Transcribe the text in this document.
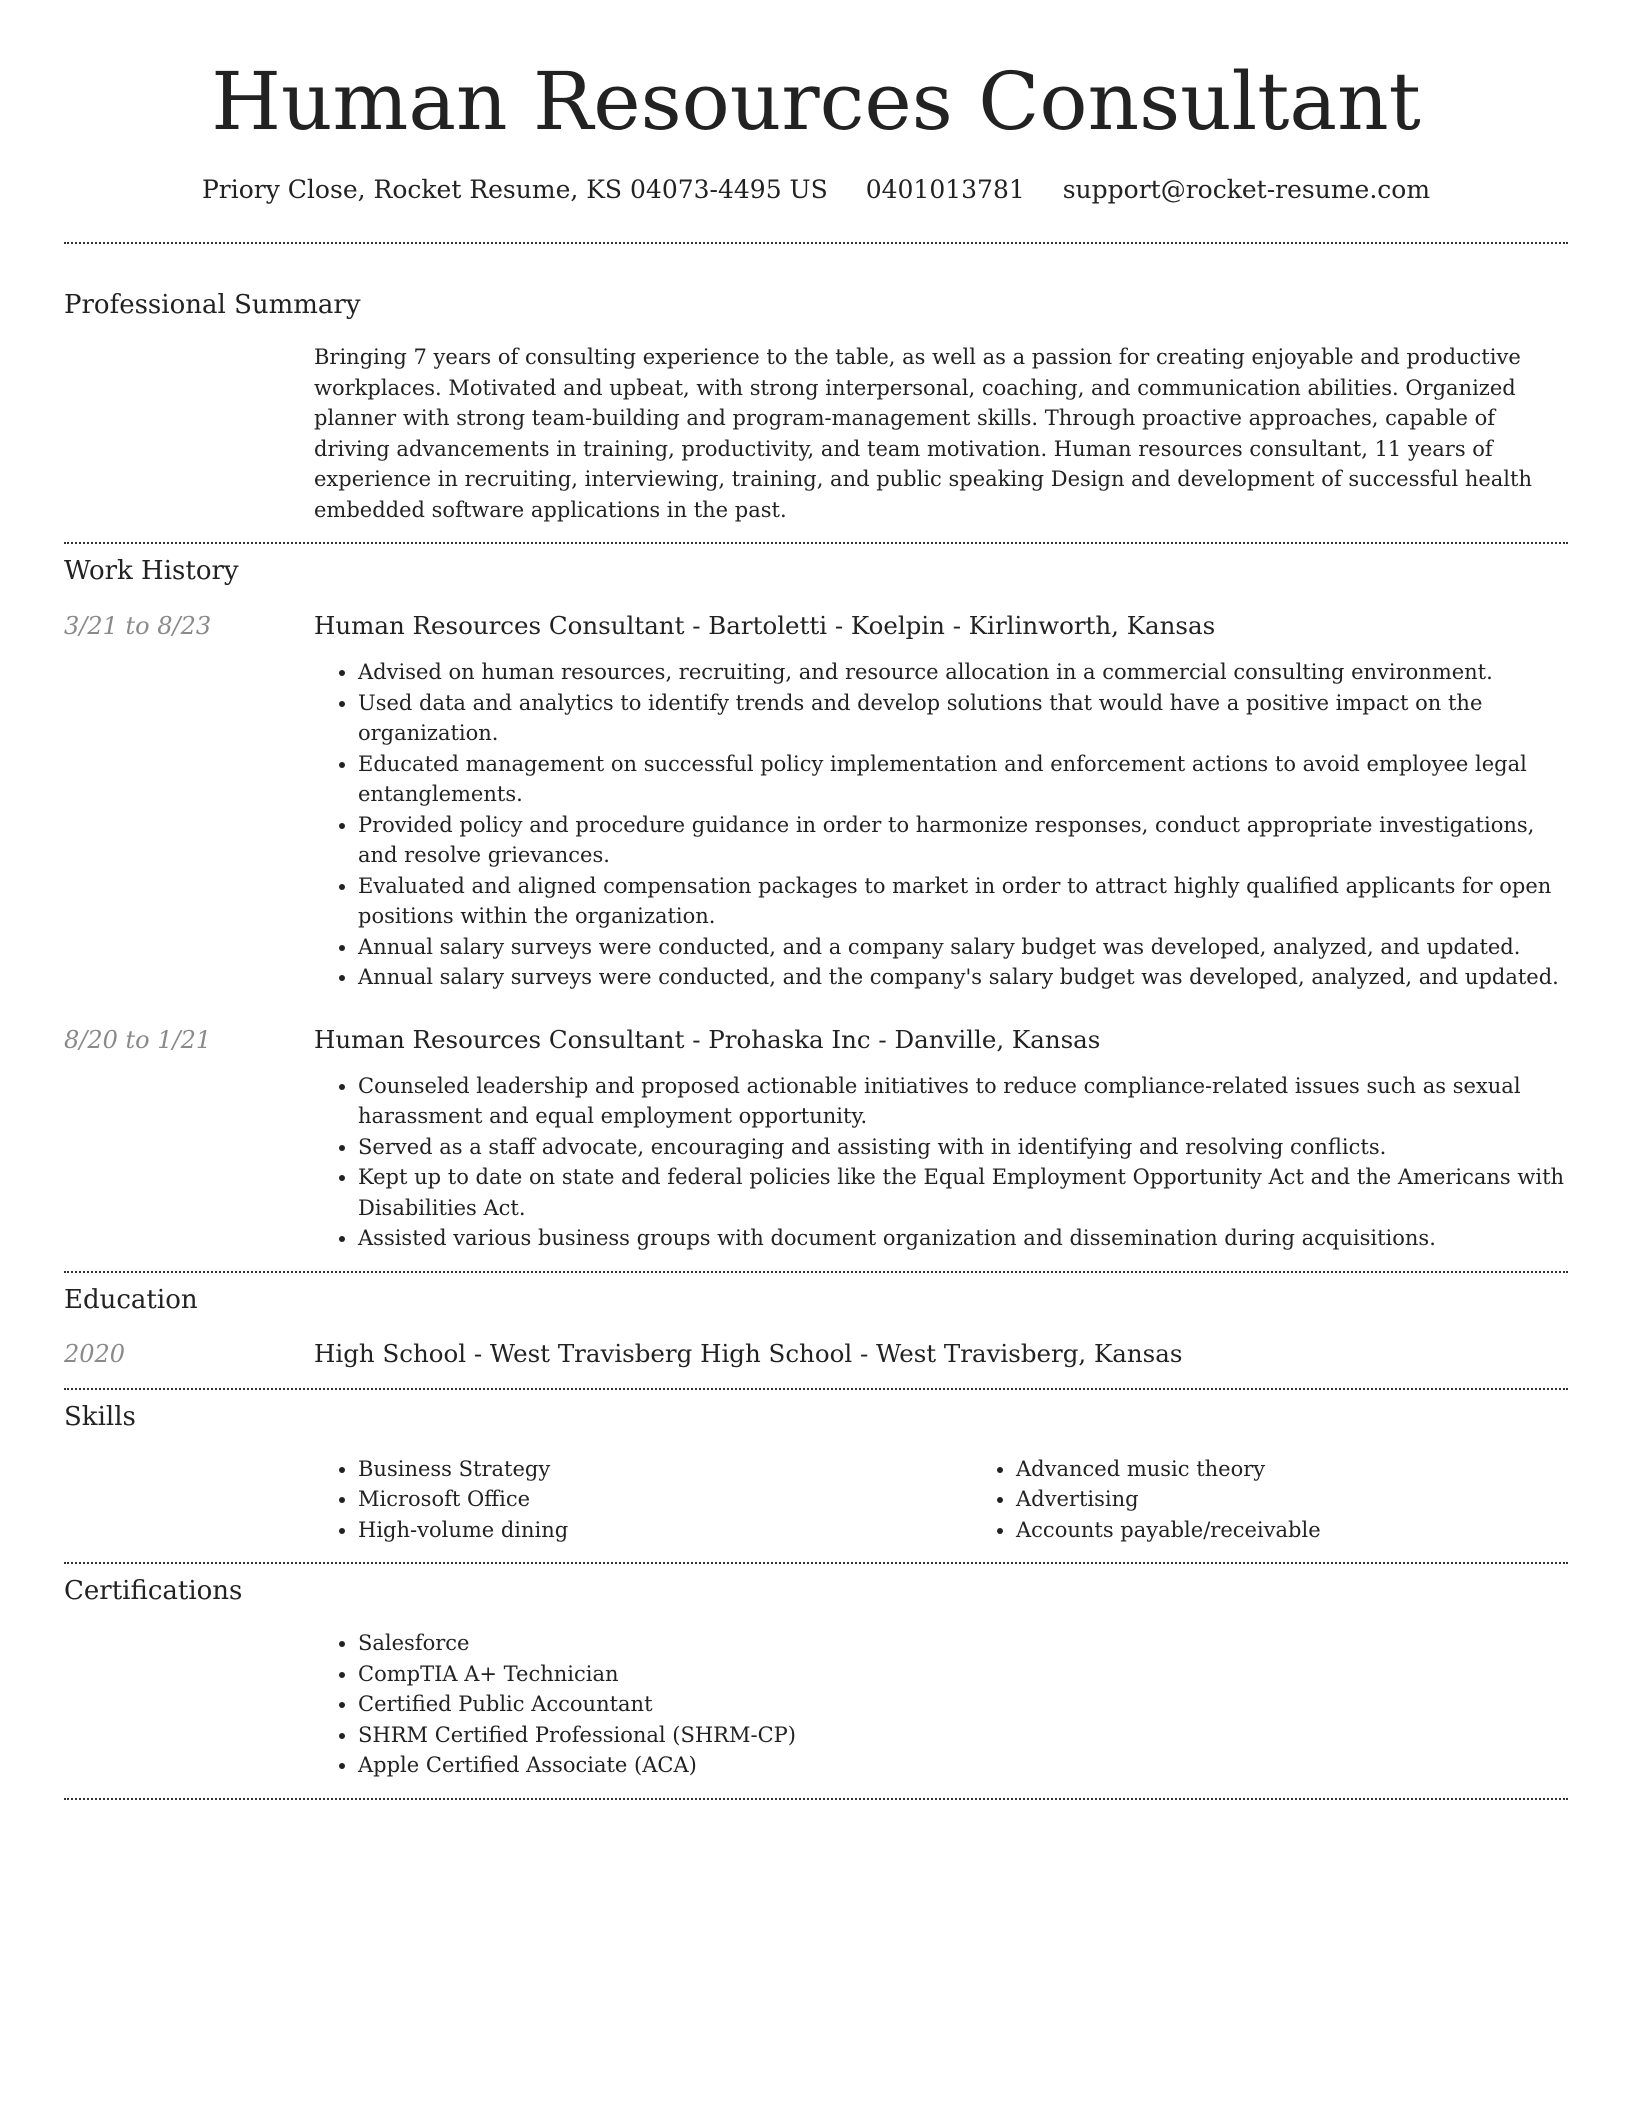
Human Resources Consultant
Priory Close, Rocket Resume, KS 04073-4495 US 0401013781 support@rocket-resume.com
Professional Summary

Bringing 7 years of consulting experience to the table, as well as a passion for creating enjoyable and productive workplaces. Motivated and upbeat, with strong interpersonal, coaching, and communication abilities. Organized planner with strong team-building and program-management skills. Through proactive approaches, capable of driving advancements in training, productivity, and team motivation. Human resources consultant, 11 years of experience in recruiting, interviewing, training, and public speaking Design and development of successful health embedded software applications in the past.

Work History
3/21 to 8/23	Human Resources Consultant - Bartoletti - Koelpin - Kirlinworth, Kansas

• Advised on human resources, recruiting, and resource allocation in a commercial consulting environment.
• Used data and analytics to identify trends and develop solutions that would have a positive impact on the organization.
• Educated management on successful policy implementation and enforcement actions to avoid employee legal entanglements.
• Provided policy and procedure guidance in order to harmonize responses, conduct appropriate investigations, and resolve grievances.
• Evaluated and aligned compensation packages to market in order to attract highly qualified applicants for open positions within the organization.
• Annual salary surveys were conducted, and a company salary budget was developed, analyzed, and updated.
• Annual salary surveys were conducted, and the company's salary budget was developed, analyzed, and updated.
8/20 to 1/21	Human Resources Consultant - Prohaska Inc - Danville, Kansas

• Counseled leadership and proposed actionable initiatives to reduce compliance-related issues such as sexual harassment and equal employment opportunity.
• Served as a staff advocate, encouraging and assisting with in identifying and resolving conflicts.
• Kept up to date on state and federal policies like the Equal Employment Opportunity Act and the Americans with Disabilities Act.
• Assisted various business groups with document organization and dissemination during acquisitions.
Education
2020	High School - West Travisberg High School - West Travisberg, Kansas

Skills
• Business Strategy
• Microsoft Office
• High-volume dining
• Advanced music theory
• Advertising
• Accounts payable/receivable
Certifications
• Salesforce
• CompTIA A+ Technician
• Certified Public Accountant
• SHRM Certified Professional (SHRM-CP)
• Apple Certified Associate (ACA)
